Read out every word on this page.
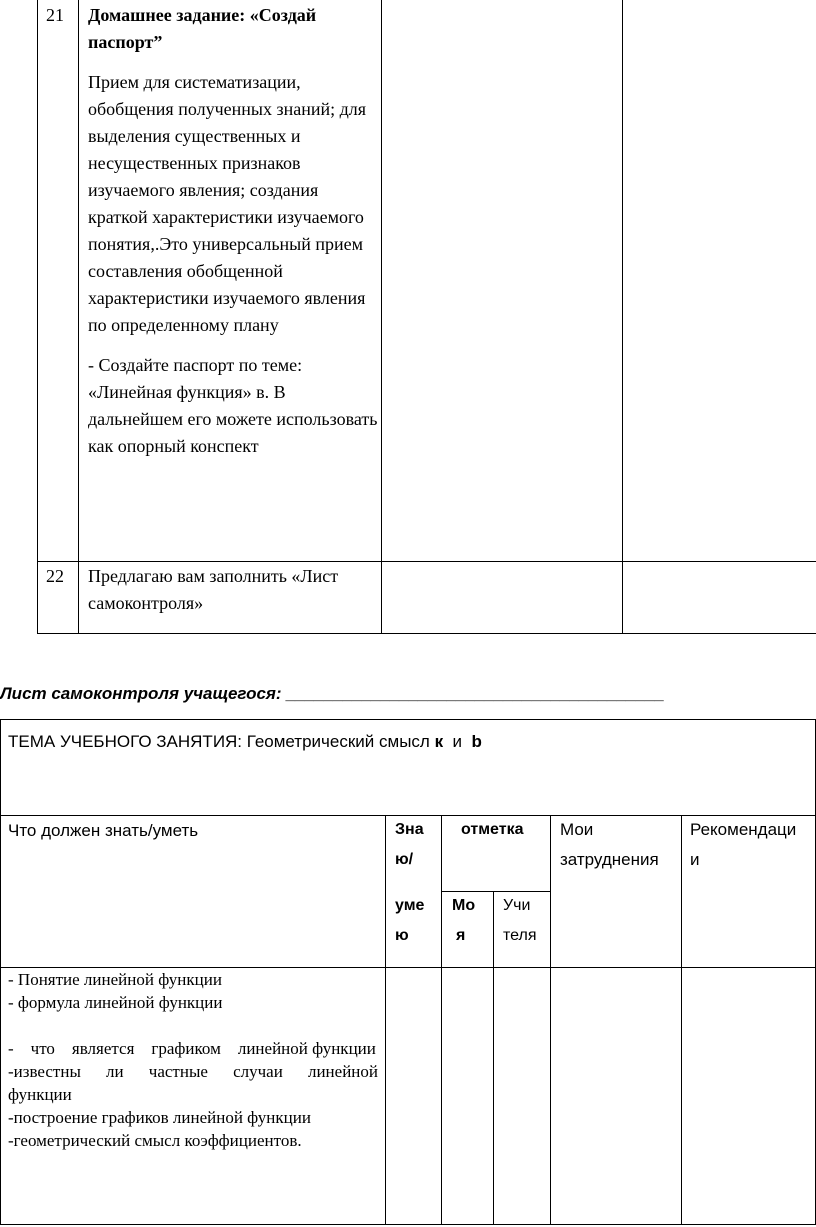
21 Домашнее задание: «Создай паспорт”

Прием для систематизации, обобщения полученных знаний; для выделения существенных и несущественных признаков изучаемого явления; создания краткой характеристики изучаемого понятия,.Это универсальный прием составления обобщенной характеристики изучаемого явления по определенному плану

- Создайте паспорт по теме: «Линейная функция» в. В дальнейшем его можете использовать как опорный конспект

22 Предлагаю вам заполнить «Лист самоконтроля»
Лист самоконтроля учащегося: ________________________________________
ТЕМА УЧЕБНОГО ЗАНЯТИЯ: Геометрический смысл к  и  b
Что должен знать/уметь	Зна
ю/
уме
ю
отметка
Мо
я
Учи
теля
Мои
затруднения
Рекомендаци
и
- Понятие линейной функции
- формула линейной функции
-    что    является    графиком    линейной функции
-известны  ли  частные  случаи  линейной функции
-построение графиков линейной функции
-геометрический смысл коэффициентов.
